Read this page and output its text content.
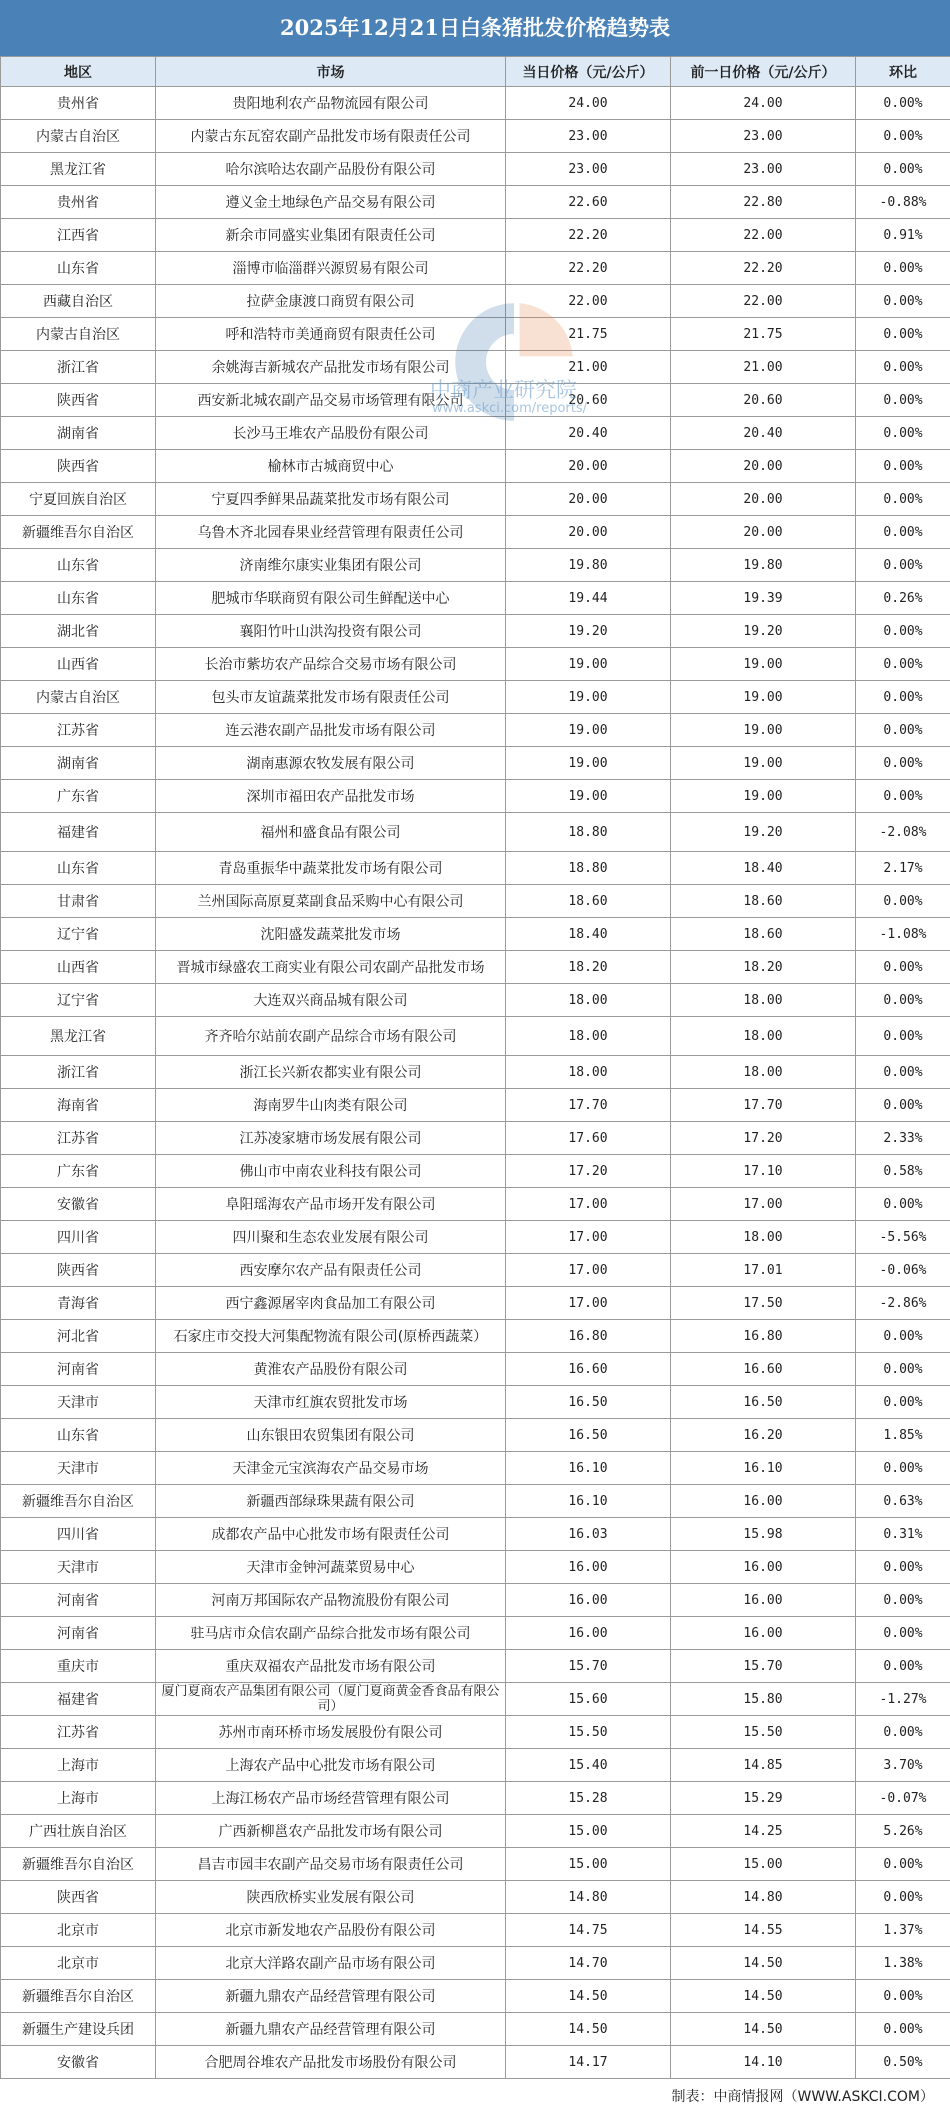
2025年12月21日白条猪批发价格趋势表
地区	市场	当日价格（元/公斤）	前一日价格（元/公斤）	环比
贵州省	贵阳地利农产品物流园有限公司	24.00	24.00	0.00%
内蒙古自治区	内蒙古东瓦窑农副产品批发市场有限责任公司	23.00	23.00	0.00%
黑龙江省	哈尔滨哈达农副产品股份有限公司	23.00	23.00	0.00%
贵州省	遵义金土地绿色产品交易有限公司	22.60	22.80	-0.88%
江西省	新余市同盛实业集团有限责任公司	22.20	22.00	0.91%
山东省	淄博市临淄群兴源贸易有限公司	22.20	22.20	0.00%
西藏自治区	拉萨金康渡口商贸有限公司	22.00	22.00	0.00%
内蒙古自治区	呼和浩特市美通商贸有限责任公司	21.75	21.75	0.00%
浙江省	余姚海吉新城农产品批发市场有限公司	21.00	21.00	0.00%
陕西省	西安新北城农副产品交易市场管理有限公司	20.60	20.60	0.00%
湖南省	长沙马王堆农产品股份有限公司	20.40	20.40	0.00%
陕西省	榆林市古城商贸中心	20.00	20.00	0.00%
宁夏回族自治区	宁夏四季鲜果品蔬菜批发市场有限公司	20.00	20.00	0.00%
新疆维吾尔自治区	乌鲁木齐北园春果业经营管理有限责任公司	20.00	20.00	0.00%
山东省	济南维尔康实业集团有限公司	19.80	19.80	0.00%
山东省	肥城市华联商贸有限公司生鲜配送中心	19.44	19.39	0.26%
湖北省	襄阳竹叶山洪沟投资有限公司	19.20	19.20	0.00%
山西省	长治市紫坊农产品综合交易市场有限公司	19.00	19.00	0.00%
内蒙古自治区	包头市友谊蔬菜批发市场有限责任公司	19.00	19.00	0.00%
江苏省	连云港农副产品批发市场有限公司	19.00	19.00	0.00%
湖南省	湖南惠源农牧发展有限公司	19.00	19.00	0.00%
广东省	深圳市福田农产品批发市场	19.00	19.00	0.00%
福建省	福州和盛食品有限公司	18.80	19.20	-2.08%
山东省	青岛重振华中蔬菜批发市场有限公司	18.80	18.40	2.17%
甘肃省	兰州国际高原夏菜副食品采购中心有限公司	18.60	18.60	0.00%
辽宁省	沈阳盛发蔬菜批发市场	18.40	18.60	-1.08%
山西省	晋城市绿盛农工商实业有限公司农副产品批发市场	18.20	18.20	0.00%
辽宁省	大连双兴商品城有限公司	18.00	18.00	0.00%
黑龙江省	齐齐哈尔站前农副产品综合市场有限公司	18.00	18.00	0.00%
浙江省	浙江长兴新农都实业有限公司	18.00	18.00	0.00%
海南省	海南罗牛山肉类有限公司	17.70	17.70	0.00%
江苏省	江苏凌家塘市场发展有限公司	17.60	17.20	2.33%
广东省	佛山市中南农业科技有限公司	17.20	17.10	0.58%
安徽省	阜阳瑶海农产品市场开发有限公司	17.00	17.00	0.00%
四川省	四川聚和生态农业发展有限公司	17.00	18.00	-5.56%
陕西省	西安摩尔农产品有限责任公司	17.00	17.01	-0.06%
青海省	西宁鑫源屠宰肉食品加工有限公司	17.00	17.50	-2.86%
河北省	石家庄市交投大河集配物流有限公司(原桥西蔬菜）	16.80	16.80	0.00%
河南省	黄淮农产品股份有限公司	16.60	16.60	0.00%
天津市	天津市红旗农贸批发市场	16.50	16.50	0.00%
山东省	山东银田农贸集团有限公司	16.50	16.20	1.85%
天津市	天津金元宝滨海农产品交易市场	16.10	16.10	0.00%
新疆维吾尔自治区	新疆西部绿珠果蔬有限公司	16.10	16.00	0.63%
四川省	成都农产品中心批发市场有限责任公司	16.03	15.98	0.31%
天津市	天津市金钟河蔬菜贸易中心	16.00	16.00	0.00%
河南省	河南万邦国际农产品物流股份有限公司	16.00	16.00	0.00%
河南省	驻马店市众信农副产品综合批发市场有限公司	16.00	16.00	0.00%
重庆市	重庆双福农产品批发市场有限公司	15.70	15.70	0.00%
福建省	厦门夏商农产品集团有限公司（厦门夏商黄金香食品有限公司）	15.60	15.80	-1.27%
江苏省	苏州市南环桥市场发展股份有限公司	15.50	15.50	0.00%
上海市	上海农产品中心批发市场有限公司	15.40	14.85	3.70%
上海市	上海江杨农产品市场经营管理有限公司	15.28	15.29	-0.07%
广西壮族自治区	广西新柳邕农产品批发市场有限公司	15.00	14.25	5.26%
新疆维吾尔自治区	昌吉市园丰农副产品交易市场有限责任公司	15.00	15.00	0.00%
陕西省	陕西欣桥实业发展有限公司	14.80	14.80	0.00%
北京市	北京市新发地农产品股份有限公司	14.75	14.55	1.37%
北京市	北京大洋路农副产品市场有限公司	14.70	14.50	1.38%
新疆维吾尔自治区	新疆九鼎农产品经营管理有限公司	14.50	14.50	0.00%
新疆生产建设兵团	新疆九鼎农产品经营管理有限公司	14.50	14.50	0.00%
安徽省	合肥周谷堆农产品批发市场股份有限公司	14.17	14.10	0.50%
中商产业研究院
www.askci.com/reports/
制表：中商情报网（WWW.ASKCI.COM）
